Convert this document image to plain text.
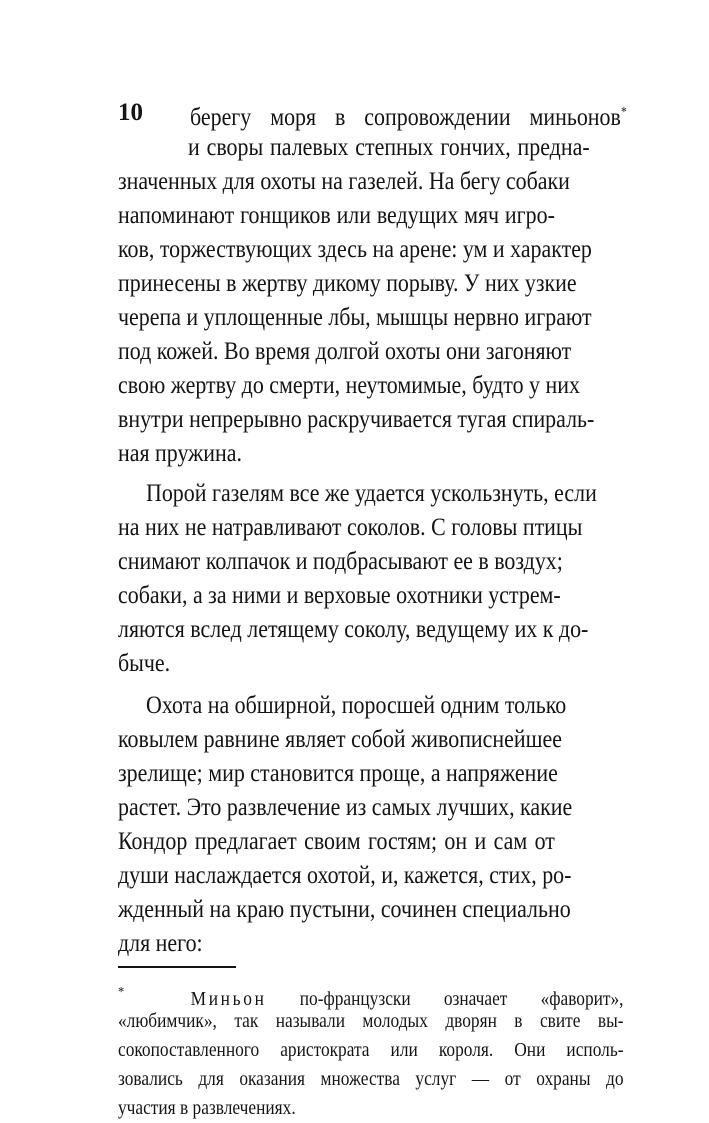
10 берегу моря в сопровождении миньонов*
и своры палевых степных гончих, предна-
значенных для охоты на газелей. На бегу собаки
напоминают гонщиков или ведущих мяч игро-
ков, торжествующих здесь на арене: ум и характер
принесены в жертву дикому порыву. У них узкие
черепа и уплощенные лбы, мышцы нервно играют
под кожей. Во время долгой охоты они загоняют
свою жертву до смерти, неутомимые, будто у них
внутри непрерывно раскручивается тугая спираль-
ная пружина.
Порой газелям все же удается ускользнуть, если
на них не натравливают соколов. С головы птицы
снимают колпачок и подбрасывают ее в воздух;
собаки, а за ними и верховые охотники устрем-
ляются вслед летящему соколу, ведущему их к до-
быче.
Охота на обширной, поросшей одним только
ковылем равнине являет собой живописнейшее
зрелище; мир становится проще, а напряжение
растет. Это развлечение из самых лучших, какие
Кондор предлагает своим гостям; он и сам от
души наслаждается охотой, и, кажется, стих, ро-
жденный на краю пустыни, сочинен специально
для него:
*	Миньон по-французски означает «фаворит»,
«любимчик», так называли молодых дворян в свите вы-
сокопоставленного аристократа или короля. Они исполь-
зовались для оказания множества услуг — от охраны до
участия в развлечениях.
